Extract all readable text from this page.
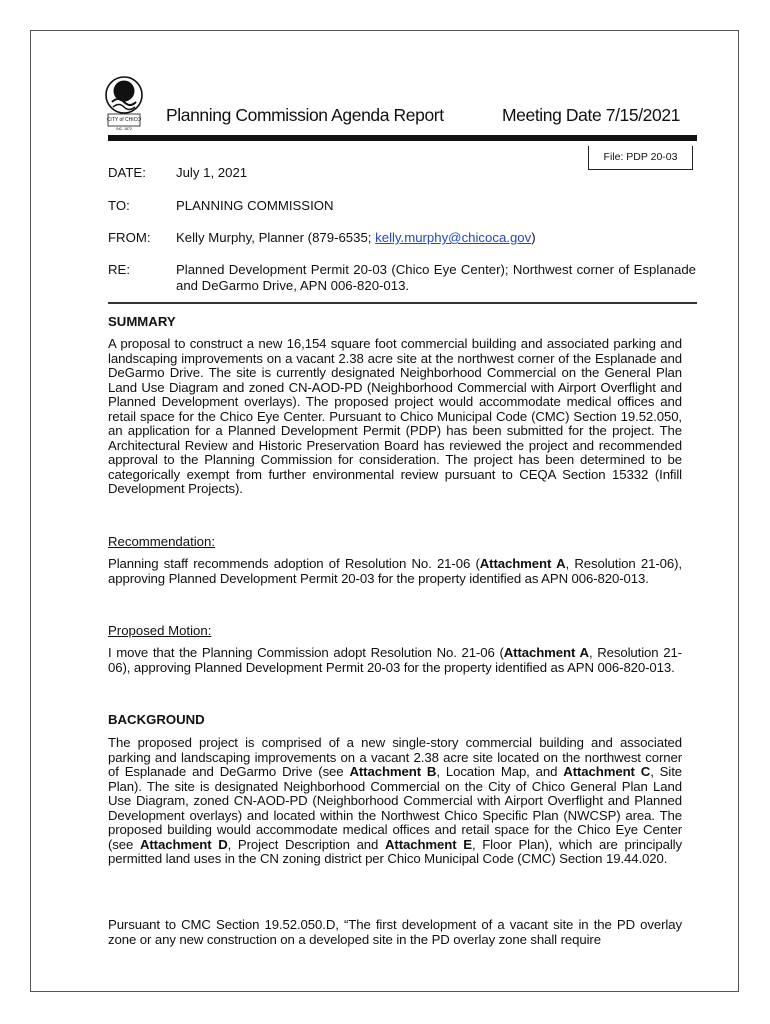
CITY of CHICO
INC. 1872
Planning Commission Agenda Report	Meeting Date 7/15/2021
File: PDP 20-03
DATE: July 1, 2021
TO:	PLANNING COMMISSION
FROM: Kelly Murphy, Planner (879-6535; kelly.murphy@chicoca.gov)
RE:	Planned Development Permit 20-03 (Chico Eye Center); Northwest corner of Esplanade and DeGarmo Drive, APN 006-820-013.
SUMMARY
A proposal to construct a new 16,154 square foot commercial building and associated parking and landscaping improvements on a vacant 2.38 acre site at the northwest corner of the Esplanade and DeGarmo Drive. The site is currently designated Neighborhood Commercial on the General Plan Land Use Diagram and zoned CN-AOD-PD (Neighborhood Commercial with Airport Overflight and Planned Development overlays). The proposed project would accommodate medical offices and retail space for the Chico Eye Center. Pursuant to Chico Municipal Code (CMC) Section 19.52.050, an application for a Planned Development Permit (PDP) has been submitted for the project. The Architectural Review and Historic Preservation Board has reviewed the project and recommended approval to the Planning Commission for consideration. The project has been determined to be categorically exempt from further environmental review pursuant to CEQA Section 15332 (Infill Development Projects).
Recommendation:
Planning staff recommends adoption of Resolution No. 21-06 (Attachment A, Resolution 21-06), approving Planned Development Permit 20-03 for the property identified as APN 006-820-013.
Proposed Motion:
I move that the Planning Commission adopt Resolution No. 21-06 (Attachment A, Resolution 21-06), approving Planned Development Permit 20-03 for the property identified as APN 006-820-013.
BACKGROUND
The proposed project is comprised of a new single-story commercial building and associated parking and landscaping improvements on a vacant 2.38 acre site located on the northwest corner of Esplanade and DeGarmo Drive (see Attachment B, Location Map, and Attachment C, Site Plan). The site is designated Neighborhood Commercial on the City of Chico General Plan Land Use Diagram, zoned CN-AOD-PD (Neighborhood Commercial with Airport Overflight and Planned Development overlays) and located within the Northwest Chico Specific Plan (NWCSP) area. The proposed building would accommodate medical offices and retail space for the Chico Eye Center (see Attachment D, Project Description and Attachment E, Floor Plan), which are principally permitted land uses in the CN zoning district per Chico Municipal Code (CMC) Section 19.44.020.
Pursuant to CMC Section 19.52.050.D, “The first development of a vacant site in the PD overlay zone or any new construction on a developed site in the PD overlay zone shall require
